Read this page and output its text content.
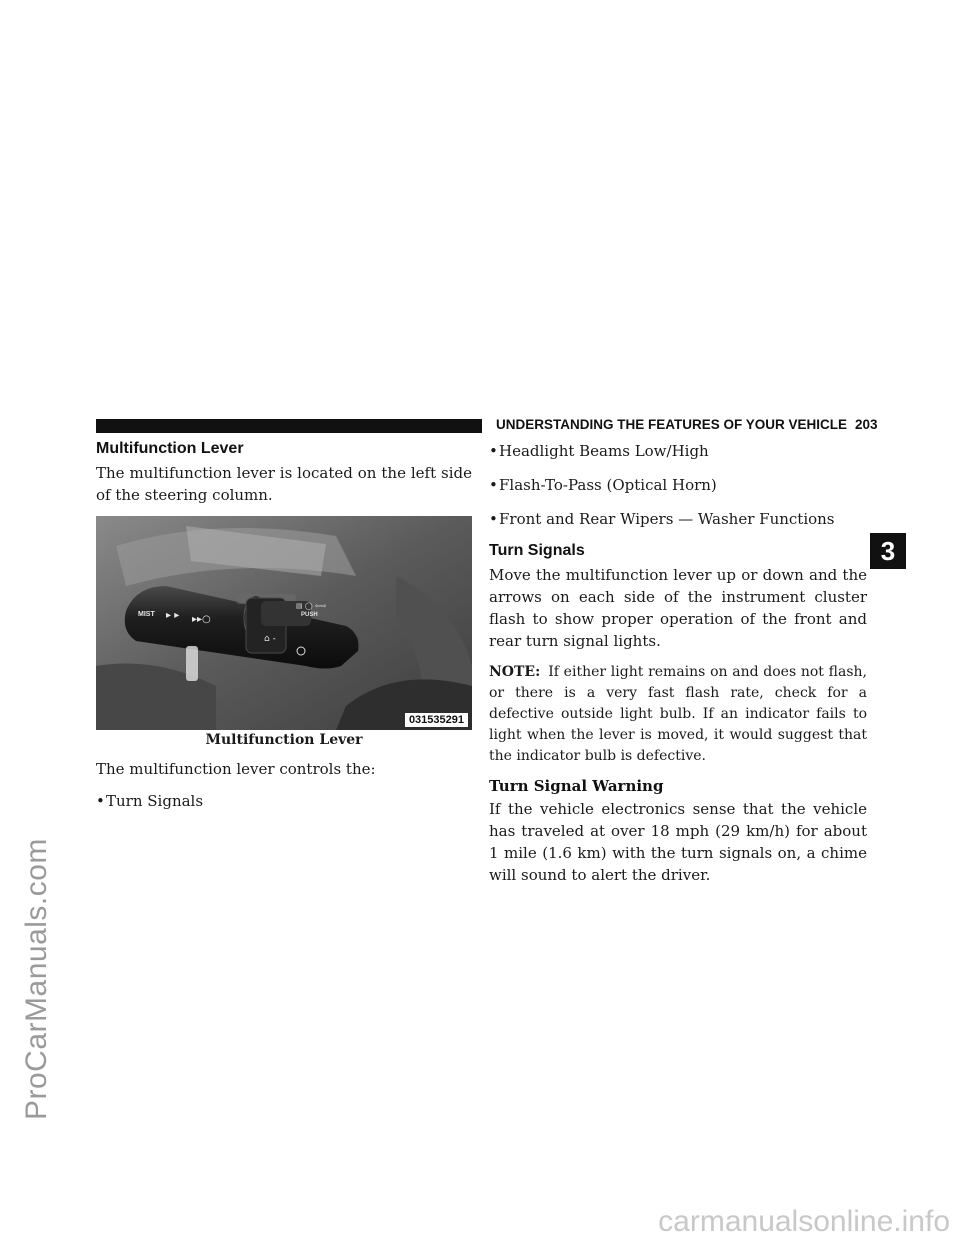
ProCarManuals.com
carmanualsonline.info
UNDERSTANDING THE FEATURES OF YOUR VEHICLE 203
3
Multifunction Lever

The multifunction lever is located on the left side of the steering column.

MIST ▸ ▸ ▸▸○
⌂ -
PUSH
▤ ◯ ⇦⇨
031535291
Multifunction Lever

The multifunction lever controls the:

• Turn Signals
• Headlight Beams Low/High
• Flash-To-Pass (Optical Horn)
• Front and Rear Wipers — Washer Functions
Turn Signals

Move the multifunction lever up or down and the arrows on each side of the instrument cluster flash to show proper operation of the front and rear turn signal lights.

NOTE: If either light remains on and does not flash, or there is a very fast flash rate, check for a defective outside light bulb. If an indicator fails to light when the lever is moved, it would suggest that the indicator bulb is defective.

Turn Signal Warning

If the vehicle electronics sense that the vehicle has traveled at over 18 mph (29 km/h) for about 1 mile (1.6 km) with the turn signals on, a chime will sound to alert the driver.
